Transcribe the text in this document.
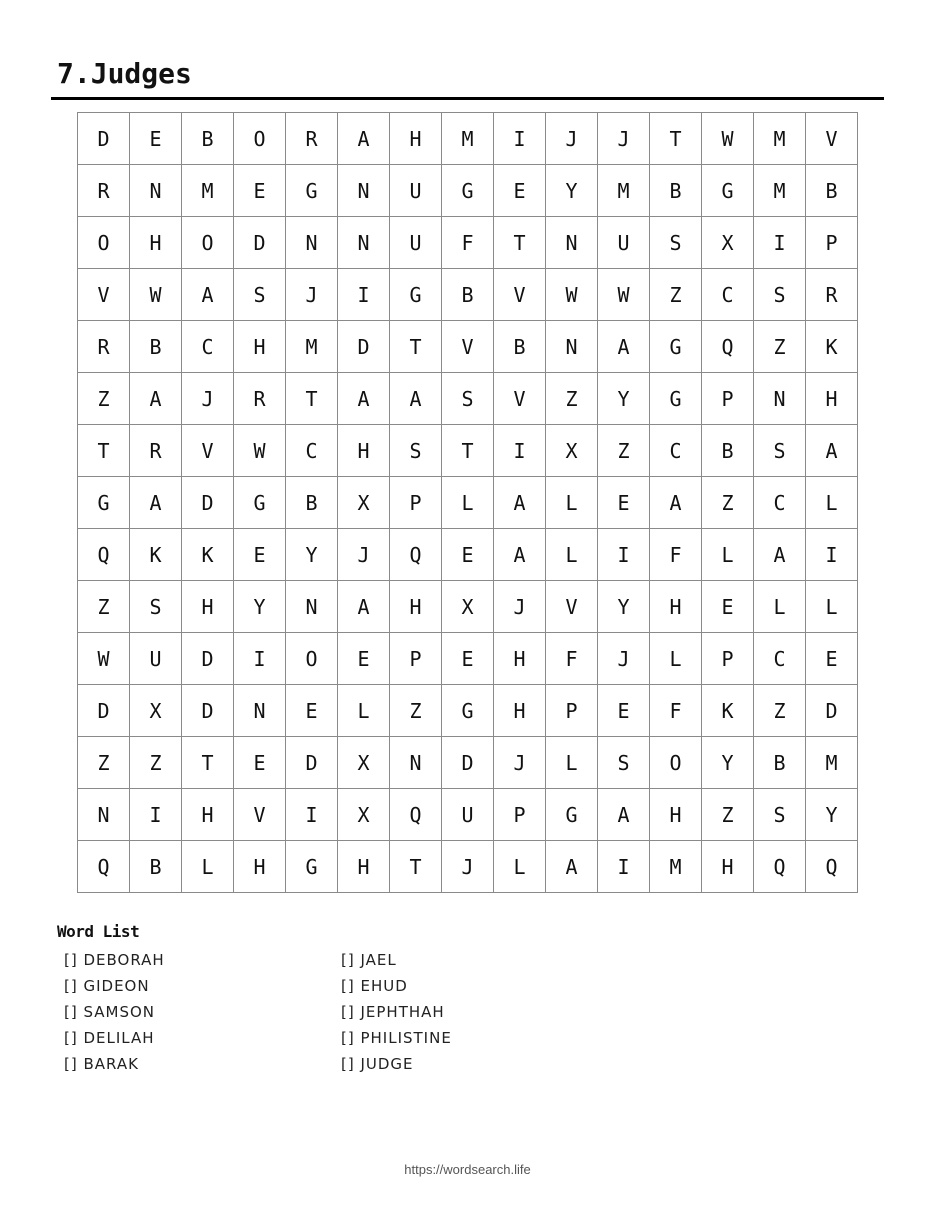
7.Judges
D	E	B	O	R	A	H	M	I	J	J	T	W	M	V
R	N	M	E	G	N	U	G	E	Y	M	B	G	M	B
O	H	O	D	N	N	U	F	T	N	U	S	X	I	P
V	W	A	S	J	I	G	B	V	W	W	Z	C	S	R
R	B	C	H	M	D	T	V	B	N	A	G	Q	Z	K
Z	A	J	R	T	A	A	S	V	Z	Y	G	P	N	H
T	R	V	W	C	H	S	T	I	X	Z	C	B	S	A
G	A	D	G	B	X	P	L	A	L	E	A	Z	C	L
Q	K	K	E	Y	J	Q	E	A	L	I	F	L	A	I
Z	S	H	Y	N	A	H	X	J	V	Y	H	E	L	L
W	U	D	I	O	E	P	E	H	F	J	L	P	C	E
D	X	D	N	E	L	Z	G	H	P	E	F	K	Z	D
Z	Z	T	E	D	X	N	D	J	L	S	O	Y	B	M
N	I	H	V	I	X	Q	U	P	G	A	H	Z	S	Y
Q	B	L	H	G	H	T	J	L	A	I	M	H	Q	Q
Word List
[] DEBORAH
[] GIDEON
[] SAMSON
[] DELILAH
[] BARAK
[] JAEL
[] EHUD
[] JEPHTHAH
[] PHILISTINE
[] JUDGE
https://wordsearch.life
